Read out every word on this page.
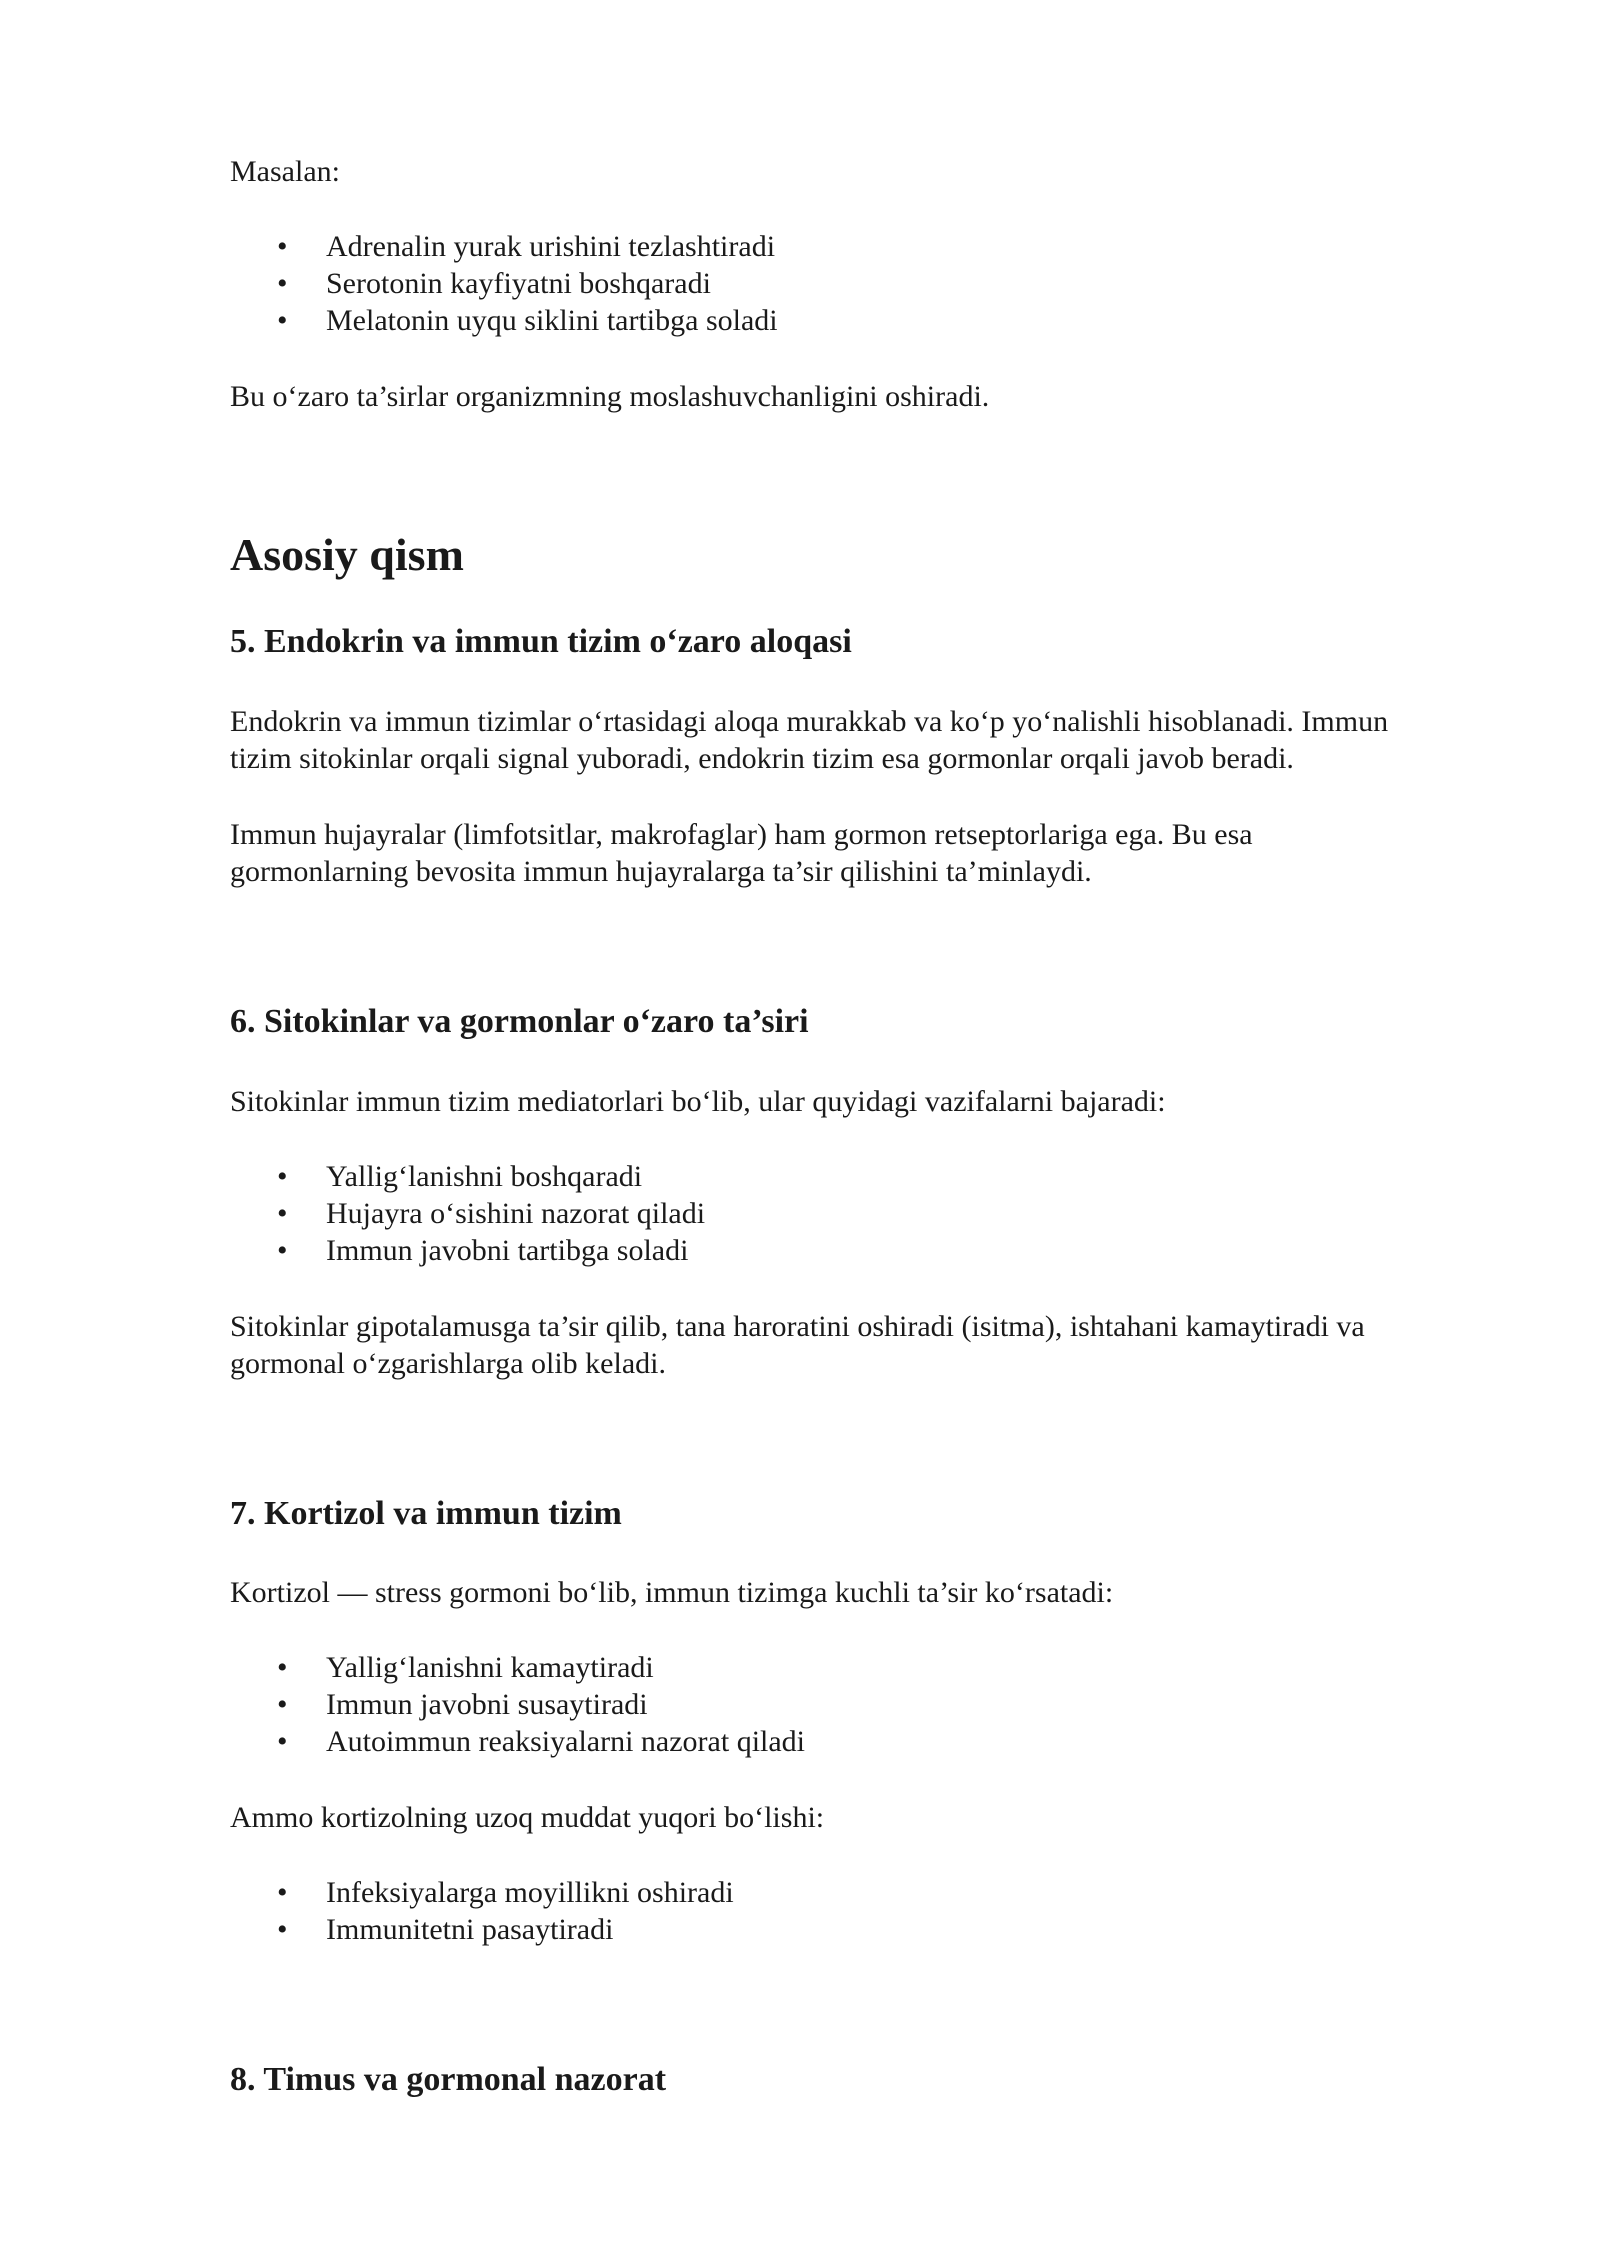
Masalan:

• Adrenalin yurak urishini tezlashtiradi
• Serotonin kayfiyatni boshqaradi
• Melatonin uyqu siklini tartibga soladi

Bu o‘zaro ta’sirlar organizmning moslashuvchanligini oshiradi.

Asosiy qism
5. Endokrin va immun tizim o‘zaro aloqasi

Endokrin va immun tizimlar o‘rtasidagi aloqa murakkab va ko‘p yo‘nalishli hisoblanadi. Immun
tizim sitokinlar orqali signal yuboradi, endokrin tizim esa gormonlar orqali javob beradi.

Immun hujayralar (limfotsitlar, makrofaglar) ham gormon retseptorlariga ega. Bu esa
gormonlarning bevosita immun hujayralarga ta’sir qilishini ta’minlaydi.

6. Sitokinlar va gormonlar o‘zaro ta’siri

Sitokinlar immun tizim mediatorlari bo‘lib, ular quyidagi vazifalarni bajaradi:

• Yallig‘lanishni boshqaradi
• Hujayra o‘sishini nazorat qiladi
• Immun javobni tartibga soladi

Sitokinlar gipotalamusga ta’sir qilib, tana haroratini oshiradi (isitma), ishtahani kamaytiradi va
gormonal o‘zgarishlarga olib keladi.

7. Kortizol va immun tizim

Kortizol — stress gormoni bo‘lib, immun tizimga kuchli ta’sir ko‘rsatadi:

• Yallig‘lanishni kamaytiradi
• Immun javobni susaytiradi
• Autoimmun reaksiyalarni nazorat qiladi

Ammo kortizolning uzoq muddat yuqori bo‘lishi:

• Infeksiyalarga moyillikni oshiradi
• Immunitetni pasaytiradi
8. Timus va gormonal nazorat
